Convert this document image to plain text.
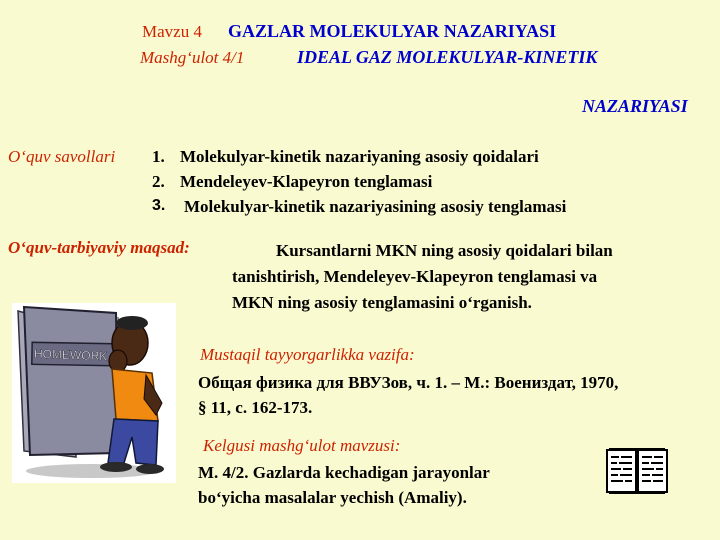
Mavzu 4 GAZLAR MOLEKULYAR NAZARIYASI
Mashg‘ulot 4/1	IDEAL GAZ MOLEKULYAR-KINETIK
NAZARIYASI
O‘quv savollari 1. Molekulyar-kinetik nazariyaning asosiy qoidalari
2. Mendeleyev-Klapeyron tenglamasi
3. Molekulyar-kinetik nazariyasining asosiy tenglamasi
O‘quv-tarbiyaviy maqsad:	Kursantlarni MKN ning asosiy qoidalari bilan
tanishtirish, Mendeleyev-Klapeyron tenglamasi va
MKN ning asosiy tenglamasini o‘rganish.
HOMEWORK	Mustaqil tayyorgarlikka vazifa:
Общая физика для ВВУЗов, ч. 1. – М.: Воениздат, 1970,
§ 11, с. 162-173.
Kelgusi mashg‘ulot mavzusi:
M. 4/2. Gazlarda kechadigan jarayonlar
bo‘yicha masalalar yechish (Amaliy).
